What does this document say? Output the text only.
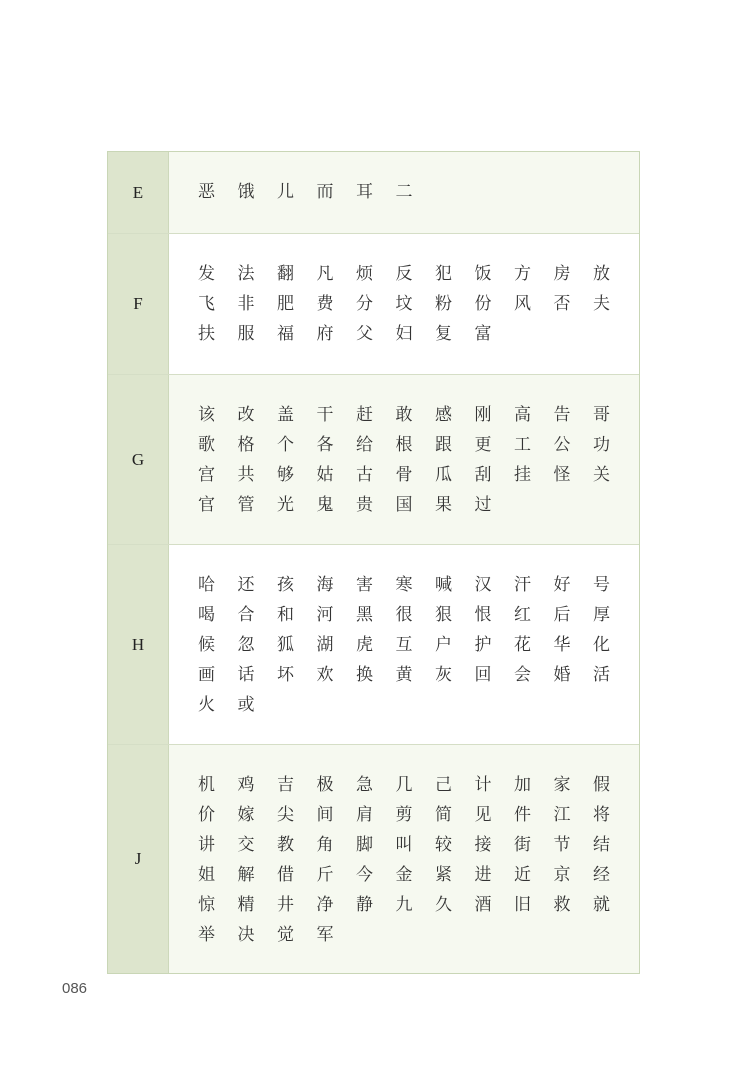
E	恶	饿	儿	而	耳	二
F
发	法	翻	凡	烦	反	犯	饭	方	房	放
飞	非	肥	费	分	坟	粉	份	风	否	夫
扶	服	福	府	父	妇	复	富
G
该	改	盖	干	赶	敢	感	刚	高	告	哥
歌	格	个	各	给	根	跟	更	工	公	功
宫	共	够	姑	古	骨	瓜	刮	挂	怪	关
官	管	光	鬼	贵	国	果	过
H
哈	还	孩	海	害	寒	喊	汉	汗	好	号
喝	合	和	河	黑	很	狠	恨	红	后	厚
候	忽	狐	湖	虎	互	户	护	花	华	化
画	话	坏	欢	换	黄	灰	回	会	婚	活
火	或
J
机	鸡	吉	极	急	几	己	计	加	家	假
价	嫁	尖	间	肩	剪	简	见	件	江	将
讲	交	教	角	脚	叫	较	接	街	节	结
姐	解	借	斤	今	金	紧	进	近	京	经
惊	精	井	净	静	九	久	酒	旧	救	就
举	决	觉	军
086
